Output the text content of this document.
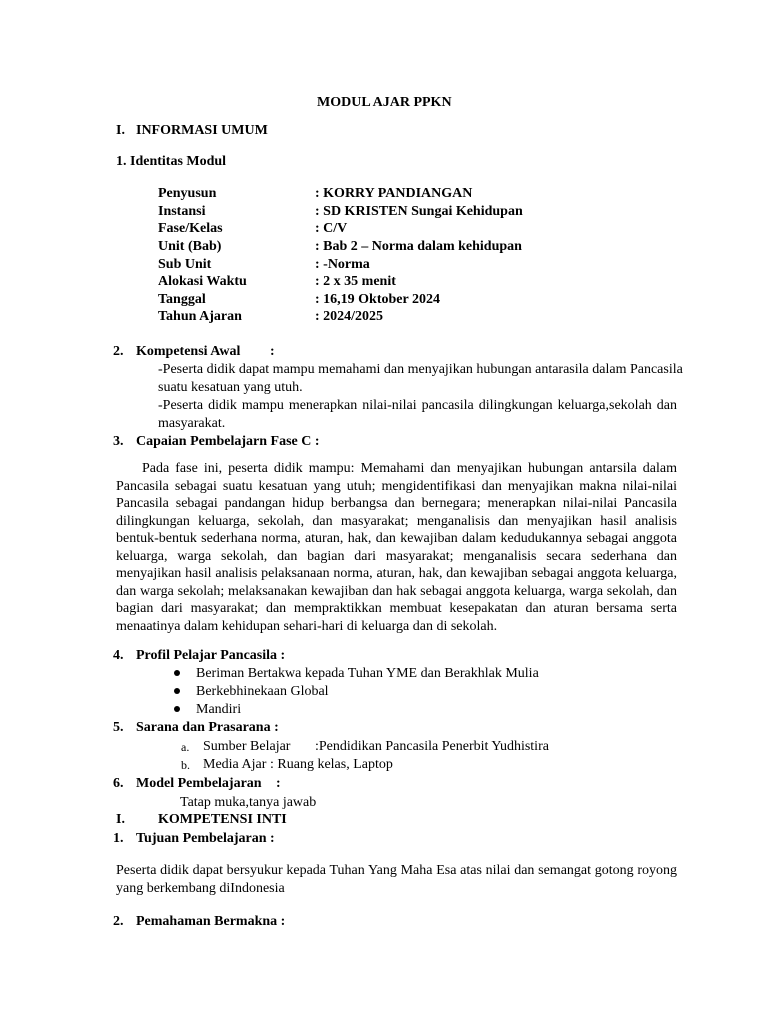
MODUL AJAR PPKN
I. INFORMASI UMUM
1. Identitas Modul
Penyusun	: KORRY PANDIANGAN
Instansi	: SD KRISTEN Sungai Kehidupan
Fase/Kelas	: C/V
Unit (Bab)	: Bab 2 – Norma dalam kehidupan
Sub Unit	: -Norma
Alokasi Waktu	: 2 x 35 menit
Tanggal	: 16,19 Oktober 2024
Tahun Ajaran	: 2024/2025
2. Kompetensi Awal :
-Peserta didik dapat mampu memahami dan menyajikan hubungan antarasila dalam Pancasila
suatu kesatuan yang utuh.
-Peserta didik mampu menerapkan nilai-nilai pancasila dilingkungan keluarga,sekolah dan
masyarakat.
3. Capaian Pembelajarn Fase C :
Pada fase ini, peserta didik mampu: Memahami dan menyajikan hubungan antarsila dalam Pancasila sebagai suatu kesatuan yang utuh; mengidentifikasi dan menyajikan makna nilai-nilai Pancasila sebagai pandangan hidup berbangsa dan bernegara; menerapkan nilai-nilai Pancasila dilingkungan keluarga, sekolah, dan masyarakat; menganalisis dan menyajikan hasil analisis bentuk-bentuk sederhana norma, aturan, hak, dan kewajiban dalam kedudukannya sebagai anggota keluarga, warga sekolah, dan bagian dari masyarakat; menganalisis secara sederhana dan menyajikan hasil analisis pelaksanaan norma, aturan, hak, dan kewajiban sebagai anggota keluarga, dan warga sekolah; melaksanakan kewajiban dan hak sebagai anggota keluarga, warga sekolah, dan bagian dari masyarakat; dan mempraktikkan membuat kesepakatan dan aturan bersama serta menaatinya dalam kehidupan sehari-hari di keluarga dan di sekolah.
4. Profil Pelajar Pancasila :
Beriman Bertakwa kepada Tuhan YME dan Berakhlak Mulia
Berkebhinekaan Global
Mandiri
5. Sarana dan Prasarana :
a. Sumber Belajar :Pendidikan Pancasila Penerbit Yudhistira
b. Media Ajar : Ruang kelas, Laptop
6. Model Pembelajaran :
Tatap muka,tanya jawab
I. KOMPETENSI INTI
1. Tujuan Pembelajaran :
Peserta didik dapat bersyukur kepada Tuhan Yang Maha Esa atas nilai dan semangat gotong royong yang berkembang diIndonesia
2. Pemahaman Bermakna :
